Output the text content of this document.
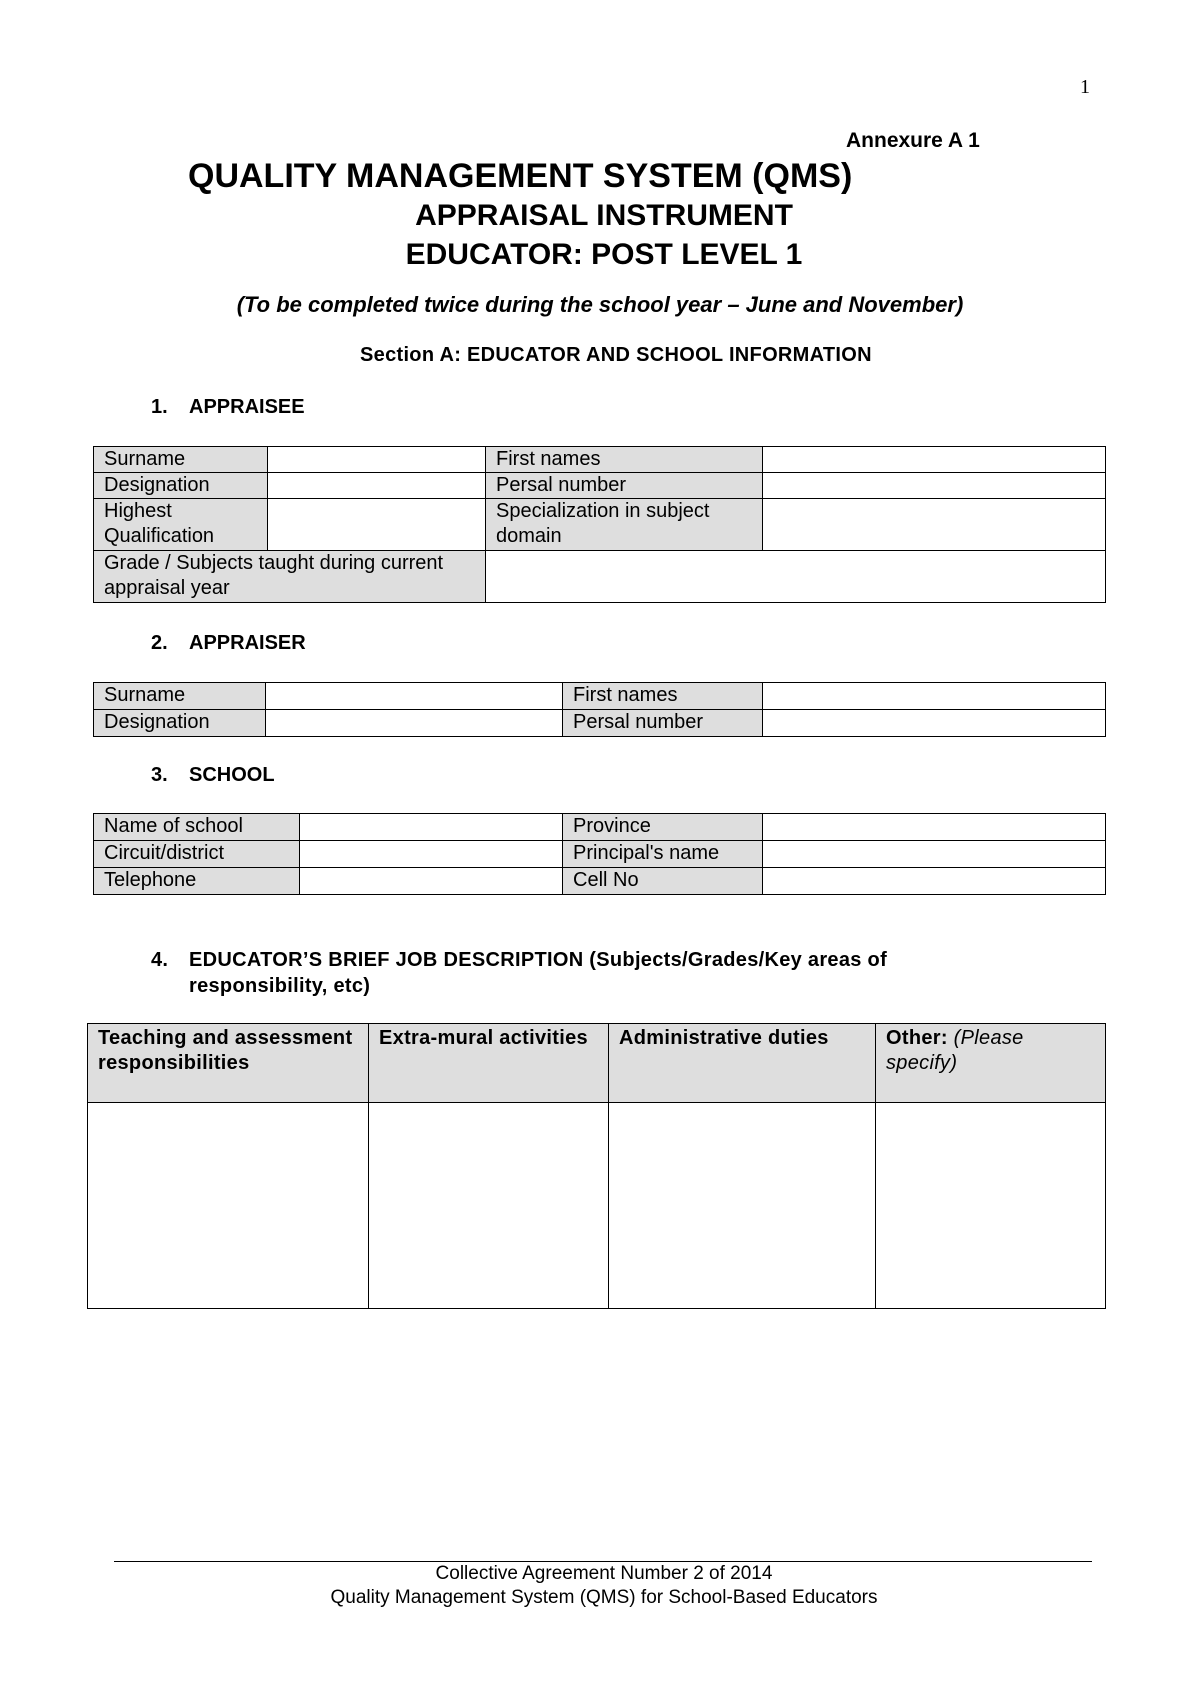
1
Annexure A 1
QUALITY MANAGEMENT SYSTEM (QMS)
APPRAISAL INSTRUMENT
EDUCATOR: POST LEVEL 1
(To be completed twice during the school year – June and November)
Section A: EDUCATOR AND SCHOOL INFORMATION
1. APPRAISEE
Surname		First names	
Designation		Persal number	
Highest Qualification		Specialization in subject domain	
Grade / Subjects taught during current appraisal year			
2. APPRAISER
Surname		First names	
Designation		Persal number	
3. SCHOOL
Name of school		Province	
Circuit/district		Principal's name	
Telephone		Cell No	
4.	EDUCATOR’S BRIEF JOB DESCRIPTION (Subjects/Grades/Key areas of responsibility, etc)
Teaching and assessment responsibilities	Extra-mural activities	Administrative duties	Other: (Please specify)

Collective Agreement Number 2 of 2014
Quality Management System (QMS) for School-Based Educators
